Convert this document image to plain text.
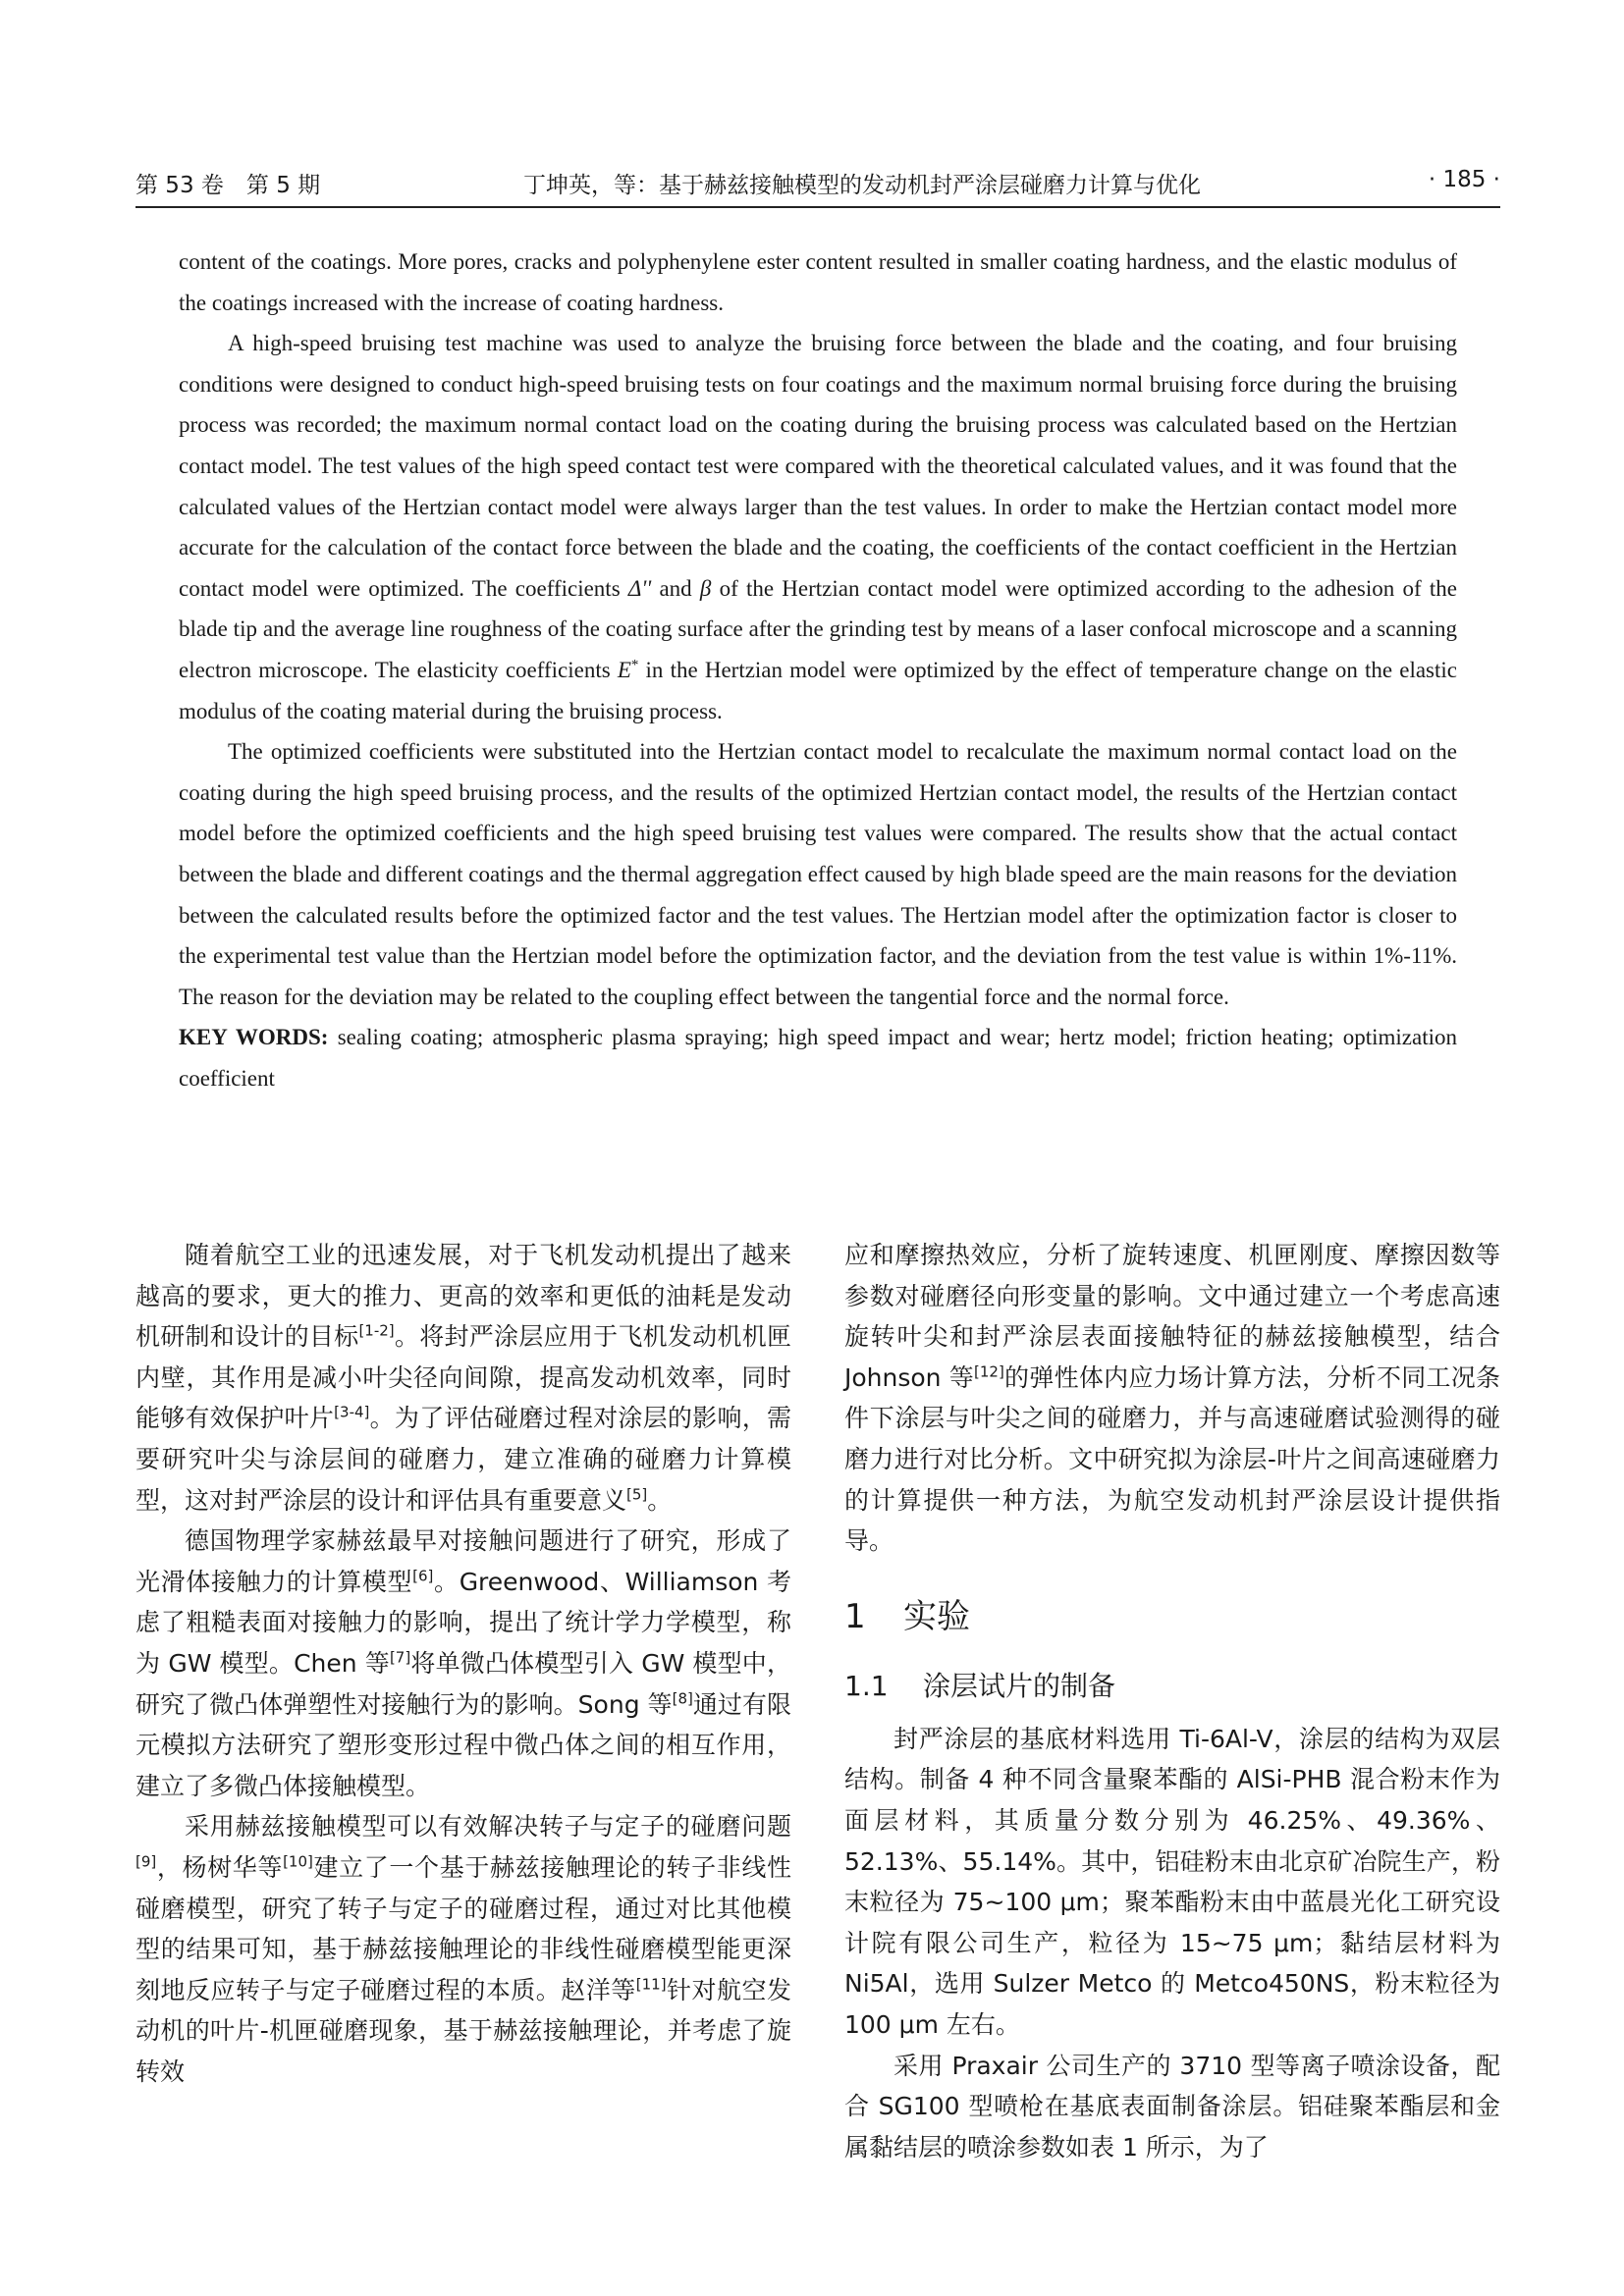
第 53 卷　第 5 期	丁坤英，等：基于赫兹接触模型的发动机封严涂层碰磨力计算与优化	· 185 ·

content of the coatings. More pores, cracks and polyphenylene ester content resulted in smaller coating hardness, and the elastic modulus of the coatings increased with the increase of coating hardness.

A high-speed bruising test machine was used to analyze the bruising force between the blade and the coating, and four bruising conditions were designed to conduct high-speed bruising tests on four coatings and the maximum normal bruising force during the bruising process was recorded; the maximum normal contact load on the coating during the bruising process was calculated based on the Hertzian contact model. The test values of the high speed contact test were compared with the theoretical calculated values, and it was found that the calculated values of the Hertzian contact model were always larger than the test values. In order to make the Hertzian contact model more accurate for the calculation of the contact force between the blade and the coating, the coefficients of the contact coefficient in the Hertzian contact model were optimized. The coefficients Δ'' and β of the Hertzian contact model were optimized according to the adhesion of the blade tip and the average line roughness of the coating surface after the grinding test by means of a laser confocal microscope and a scanning electron microscope. The elasticity coefficients E* in the Hertzian model were optimized by the effect of temperature change on the elastic modulus of the coating material during the bruising process.

The optimized coefficients were substituted into the Hertzian contact model to recalculate the maximum normal contact load on the coating during the high speed bruising process, and the results of the optimized Hertzian contact model, the results of the Hertzian contact model before the optimized coefficients and the high speed bruising test values were compared. The results show that the actual contact between the blade and different coatings and the thermal aggregation effect caused by high blade speed are the main reasons for the deviation between the calculated results before the optimized factor and the test values. The Hertzian model after the optimization factor is closer to the experimental test value than the Hertzian model before the optimization factor, and the deviation from the test value is within 1%-11%. The reason for the deviation may be related to the coupling effect between the tangential force and the normal force.

KEY WORDS: sealing coating; atmospheric plasma spraying; high speed impact and wear; hertz model; friction heating; optimization coefficient

随着航空工业的迅速发展，对于飞机发动机提出了越来越高的要求，更大的推力、更高的效率和更低的油耗是发动机研制和设计的目标[1-2]。将封严涂层应用于飞机发动机机匣内壁，其作用是减小叶尖径向间隙，提高发动机效率，同时能够有效保护叶片[3-4]。为了评估碰磨过程对涂层的影响，需要研究叶尖与涂层间的碰磨力，建立准确的碰磨力计算模型，这对封严涂层的设计和评估具有重要意义[5]。

德国物理学家赫兹最早对接触问题进行了研究，形成了光滑体接触力的计算模型[6]。Greenwood、Williamson 考虑了粗糙表面对接触力的影响，提出了统计学力学模型，称为 GW 模型。Chen 等[7]将单微凸体模型引入 GW 模型中，研究了微凸体弹塑性对接触行为的影响。Song 等[8]通过有限元模拟方法研究了塑形变形过程中微凸体之间的相互作用，建立了多微凸体接触模型。

采用赫兹接触模型可以有效解决转子与定子的碰磨问题[9]，杨树华等[10]建立了一个基于赫兹接触理论的转子非线性碰磨模型，研究了转子与定子的碰磨过程，通过对比其他模型的结果可知，基于赫兹接触理论的非线性碰磨模型能更深刻地反应转子与定子碰磨过程的本质。赵洋等[11]针对航空发动机的叶片-机匣碰磨现象，基于赫兹接触理论，并考虑了旋转效

应和摩擦热效应，分析了旋转速度、机匣刚度、摩擦因数等参数对碰磨径向形变量的影响。文中通过建立一个考虑高速旋转叶尖和封严涂层表面接触特征的赫兹接触模型，结合 Johnson 等[12]的弹性体内应力场计算方法，分析不同工况条件下涂层与叶尖之间的碰磨力，并与高速碰磨试验测得的碰磨力进行对比分析。文中研究拟为涂层-叶片之间高速碰磨力的计算提供一种方法，为航空发动机封严涂层设计提供指导。

1 实验
1.1 涂层试片的制备

封严涂层的基底材料选用 Ti-6Al-V，涂层的结构为双层结构。制备 4 种不同含量聚苯酯的 AlSi-PHB 混合粉末作为面层材料，其质量分数分别为 46.25%、49.36%、52.13%、55.14%。其中，铝硅粉末由北京矿冶院生产，粉末粒径为 75~100 μm；聚苯酯粉末由中蓝晨光化工研究设计院有限公司生产，粒径为 15~75 μm；黏结层材料为 Ni5Al，选用 Sulzer Metco 的 Metco450NS，粉末粒径为 100 μm 左右。

采用 Praxair 公司生产的 3710 型等离子喷涂设备，配合 SG100 型喷枪在基底表面制备涂层。铝硅聚苯酯层和金属黏结层的喷涂参数如表 1 所示，为了
